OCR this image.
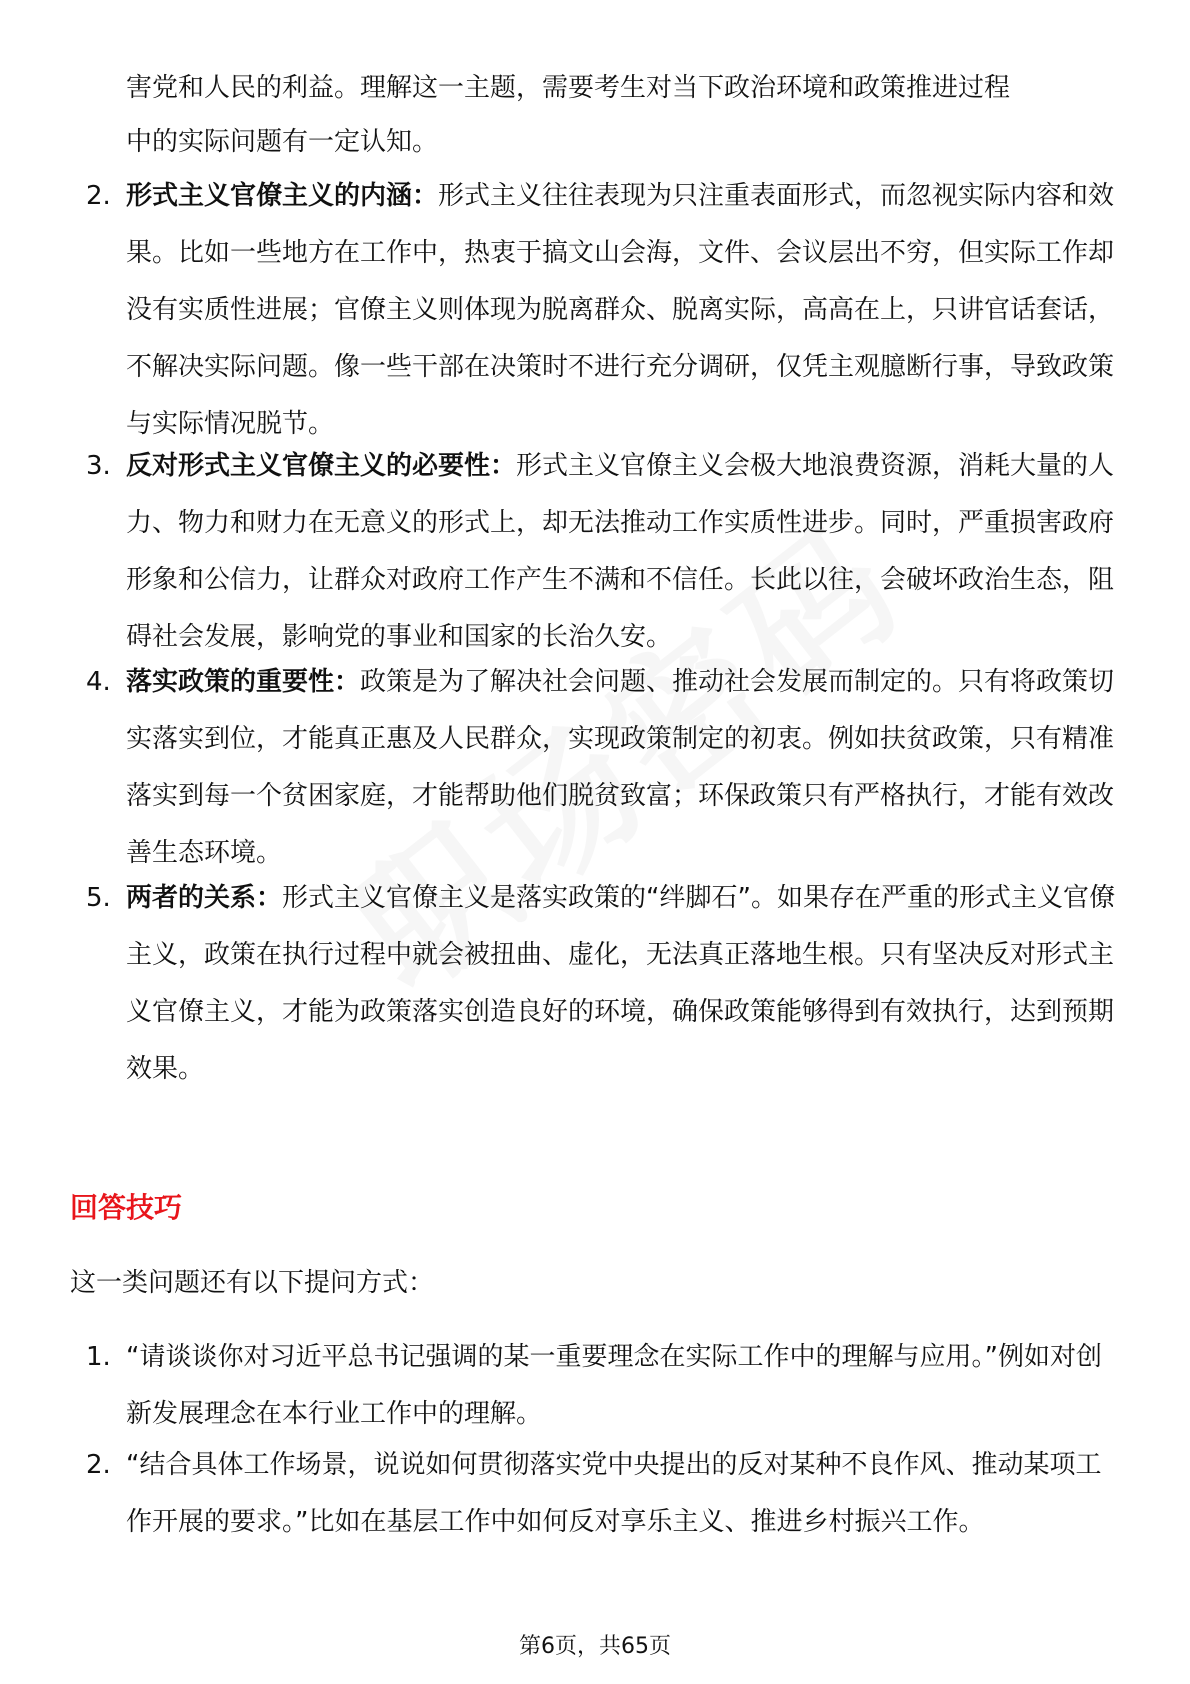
害党和人民的利益。理解这一主题，需要考生对当下政治环境和政策推进过程
中的实际问题有一定认知。
2. 形式主义官僚主义的内涵：形式主义往往表现为只注重表面形式，而忽视实际内容和效果。比如一些地方在工作中，热衷于搞文山会海，文件、会议层出不穷，但实际工作却没有实质性进展；官僚主义则体现为脱离群众、脱离实际，高高在上，只讲官话套话，不解决实际问题。像一些干部在决策时不进行充分调研，仅凭主观臆断行事，导致政策与实际情况脱节。
3. 反对形式主义官僚主义的必要性：形式主义官僚主义会极大地浪费资源，消耗大量的人力、物力和财力在无意义的形式上，却无法推动工作实质性进步。同时，严重损害政府形象和公信力，让群众对政府工作产生不满和不信任。长此以往，会破坏政治生态，阻碍社会发展，影响党的事业和国家的长治久安。
4. 落实政策的重要性：政策是为了解决社会问题、推动社会发展而制定的。只有将政策切实落实到位，才能真正惠及人民群众，实现政策制定的初衷。例如扶贫政策，只有精准落实到每一个贫困家庭，才能帮助他们脱贫致富；环保政策只有严格执行，才能有效改善生态环境。
5. 两者的关系：形式主义官僚主义是落实政策的“绊脚石”。如果存在严重的形式主义官僚主义，政策在执行过程中就会被扭曲、虚化，无法真正落地生根。只有坚决反对形式主义官僚主义，才能为政策落实创造良好的环境，确保政策能够得到有效执行，达到预期效果。
回答技巧
这一类问题还有以下提问方式：
1. “请谈谈你对习近平总书记强调的某一重要理念在实际工作中的理解与应用。”例如对创新发展理念在本行业工作中的理解。
2. “结合具体工作场景，说说如何贯彻落实党中央提出的反对某种不良作风、推动某项工作开展的要求。”比如在基层工作中如何反对享乐主义、推进乡村振兴工作。
第6页，共65页
